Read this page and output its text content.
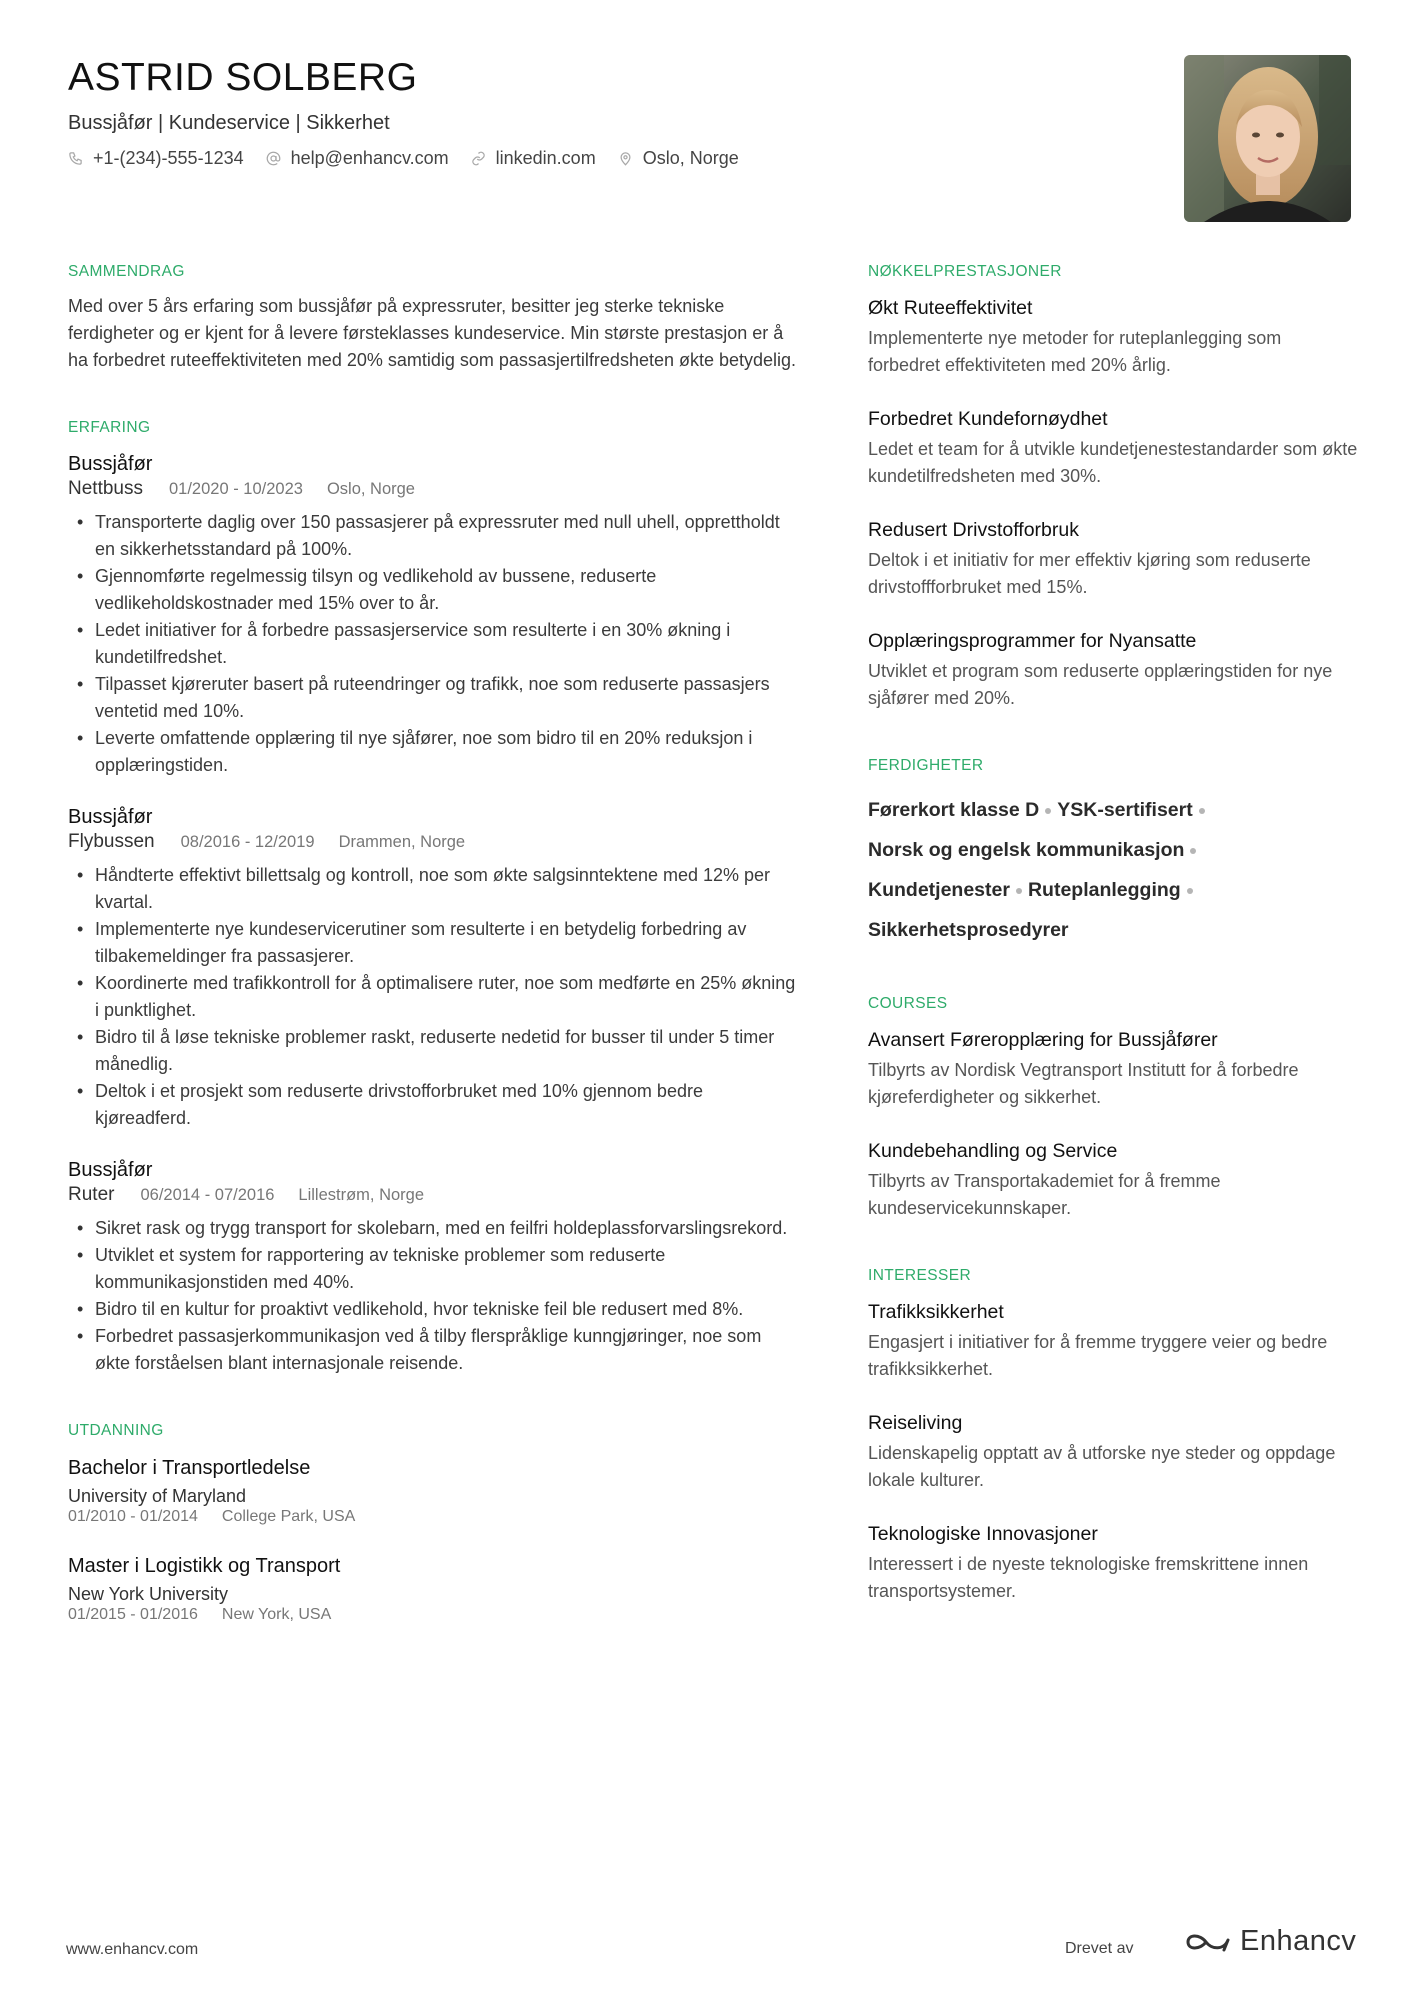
ASTRID SOLBERG
Bussjåfør | Kundeservice | Sikkerhet
+1-(234)-555-1234	help@enhancv.com	linkedin.com	Oslo, Norge
SAMMENDRAG
Med over 5 års erfaring som bussjåfør på expressruter, besitter jeg sterke tekniske ferdigheter og er kjent for å levere førsteklasses kundeservice. Min største prestasjon er å ha forbedret ruteeffektiviteten med 20% samtidig som passasjertilfredsheten økte betydelig.
ERFARING
Bussjåfør
Nettbuss 01/2020 - 10/2023 Oslo, Norge
• Transporterte daglig over 150 passasjerer på expressruter med null uhell, opprettholdt en sikkerhetsstandard på 100%.
• Gjennomførte regelmessig tilsyn og vedlikehold av bussene, reduserte vedlikeholdskostnader med 15% over to år.
• Ledet initiativer for å forbedre passasjerservice som resulterte i en 30% økning i kundetilfredshet.
• Tilpasset kjøreruter basert på ruteendringer og trafikk, noe som reduserte passasjers ventetid med 10%.
• Leverte omfattende opplæring til nye sjåfører, noe som bidro til en 20% reduksjon i opplæringstiden.
Bussjåfør
Flybussen 08/2016 - 12/2019 Drammen, Norge
• Håndterte effektivt billettsalg og kontroll, noe som økte salgsinntektene med 12% per kvartal.
• Implementerte nye kundeservicerutiner som resulterte i en betydelig forbedring av tilbakemeldinger fra passasjerer.
• Koordinerte med trafikkontroll for å optimalisere ruter, noe som medførte en 25% økning i punktlighet.
• Bidro til å løse tekniske problemer raskt, reduserte nedetid for busser til under 5 timer månedlig.
• Deltok i et prosjekt som reduserte drivstofforbruket med 10% gjennom bedre kjøreadferd.
Bussjåfør
Ruter 06/2014 - 07/2016 Lillestrøm, Norge
• Sikret rask og trygg transport for skolebarn, med en feilfri holdeplassforvarslingsrekord.
• Utviklet et system for rapportering av tekniske problemer som reduserte kommunikasjonstiden med 40%.
• Bidro til en kultur for proaktivt vedlikehold, hvor tekniske feil ble redusert med 8%.
• Forbedret passasjerkommunikasjon ved å tilby flerspråklige kunngjøringer, noe som økte forståelsen blant internasjonale reisende.
UTDANNING
Bachelor i Transportledelse
University of Maryland
01/2010 - 01/2014 College Park, USA
Master i Logistikk og Transport
New York University
01/2015 - 01/2016 New York, USA
NØKKELPRESTASJONER
Økt Ruteeffektivitet
Implementerte nye metoder for ruteplanlegging som forbedret effektiviteten med 20% årlig.
Forbedret Kundefornøydhet
Ledet et team for å utvikle kundetjenestestandarder som økte kundetilfredsheten med 30%.
Redusert Drivstofforbruk
Deltok i et initiativ for mer effektiv kjøring som reduserte drivstoffforbruket med 15%.
Opplæringsprogrammer for Nyansatte
Utviklet et program som reduserte opplæringstiden for nye sjåfører med 20%.
FERDIGHETER
Førerkort klasse D YSK-sertifisert
Norsk og engelsk kommunikasjon
Kundetjenester Ruteplanlegging
Sikkerhetsprosedyrer
COURSES
Avansert Føreropplæring for Bussjåfører
Tilbyrts av Nordisk Vegtransport Institutt for å forbedre kjøreferdigheter og sikkerhet.
Kundebehandling og Service
Tilbyrts av Transportakademiet for å fremme kundeservicekunnskaper.
INTERESSER
Trafikksikkerhet
Engasjert i initiativer for å fremme tryggere veier og bedre trafikksikkerhet.
Reiseliving
Lidenskapelig opptatt av å utforske nye steder og oppdage lokale kulturer.
Teknologiske Innovasjoner
Interessert i de nyeste teknologiske fremskrittene innen transportsystemer.
www.enhancv.com	Drevet av	Enhancv
